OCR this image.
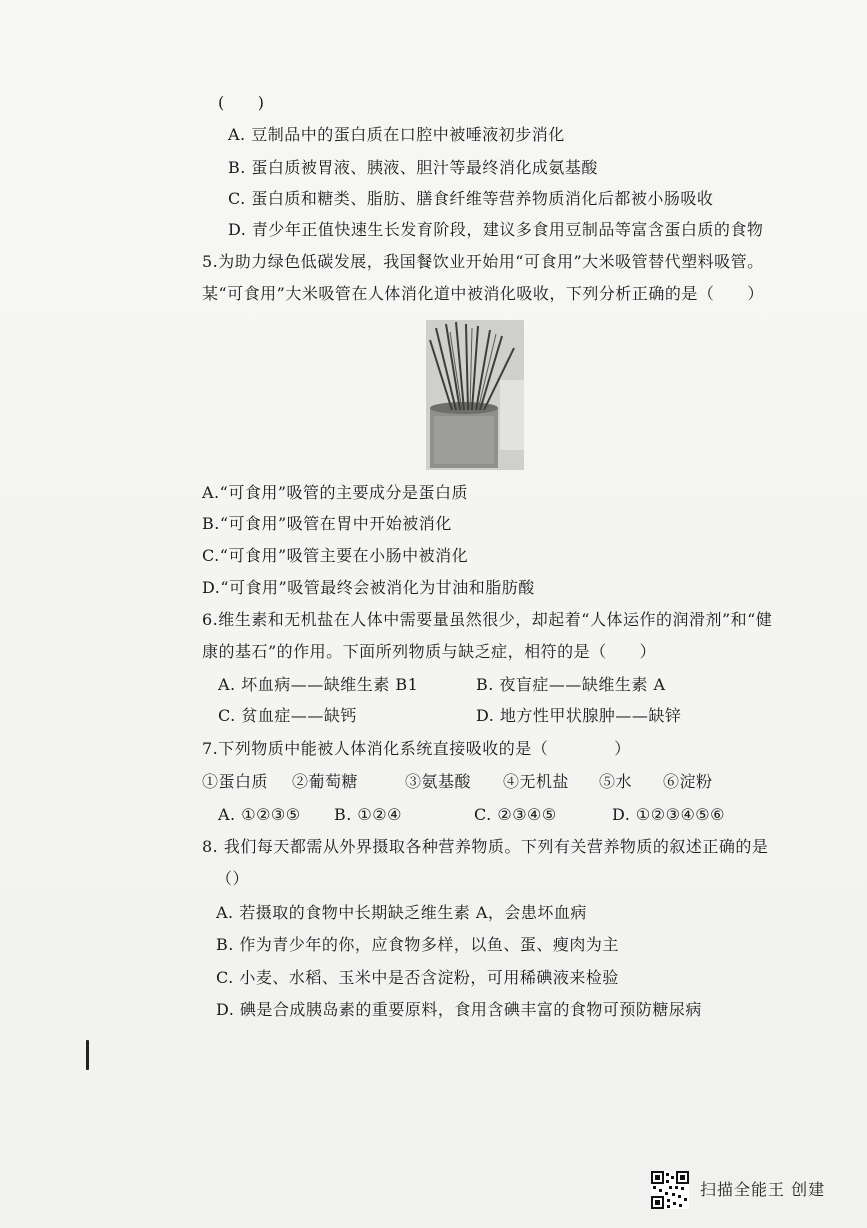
(　　)
A. 豆制品中的蛋白质在口腔中被唾液初步消化
B. 蛋白质被胃液、胰液、胆汁等最终消化成氨基酸
C. 蛋白质和糖类、脂肪、膳食纤维等营养物质消化后都被小肠吸收
D. 青少年正值快速生长发育阶段，建议多食用豆制品等富含蛋白质的食物
5.为助力绿色低碳发展，我国餐饮业开始用“可食用”大米吸管替代塑料吸管。
某“可食用”大米吸管在人体消化道中被消化吸收，下列分析正确的是（　　）
A.“可食用”吸管的主要成分是蛋白质
B.“可食用”吸管在胃中开始被消化
C.“可食用”吸管主要在小肠中被消化
D.“可食用”吸管最终会被消化为甘油和脂肪酸
6.维生素和无机盐在人体中需要量虽然很少，却起着“人体运作的润滑剂”和“健
康的基石”的作用。下面所列物质与缺乏症，相符的是（　　）
A. 坏血病——缺维生素 B1	B. 夜盲症——缺维生素 A
C. 贫血症——缺钙	D. 地方性甲状腺肿——缺锌
7.下列物质中能被人体消化系统直接吸收的是（　　　　）
①蛋白质 ②葡萄糖	③氨基酸 ④无机盐 ⑤水 ⑥淀粉
A. ①②③⑤ B. ①②④	C. ②③④⑤	D. ①②③④⑤⑥
8. 我们每天都需从外界摄取各种营养物质。下列有关营养物质的叙述正确的是
（）
A. 若摄取的食物中长期缺乏维生素 A，会患坏血病
B. 作为青少年的你，应食物多样，以鱼、蛋、瘦肉为主
C. 小麦、水稻、玉米中是否含淀粉，可用稀碘液来检验
D. 碘是合成胰岛素的重要原料，食用含碘丰富的食物可预防糖尿病
扫描全能王 创建
